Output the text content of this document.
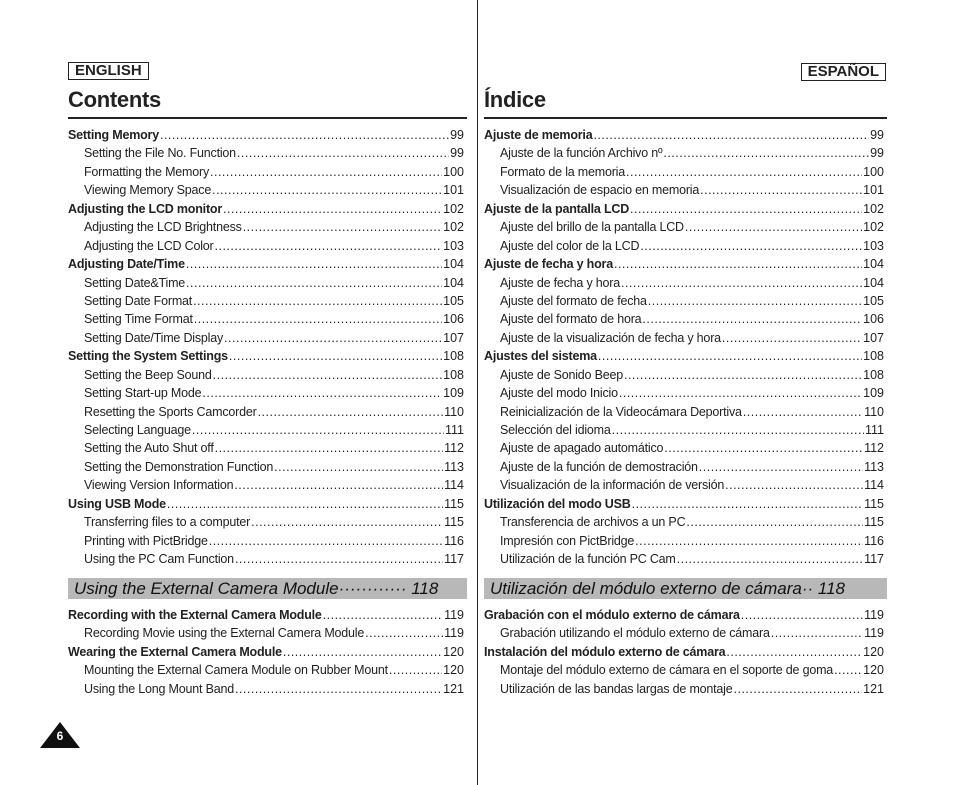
ENGLISH
Contents
Setting Memory .....	99
Setting the File No. Function .....	99
Formatting the Memory .....	100
Viewing Memory Space .....	101
Adjusting the LCD monitor .....	102
Adjusting the LCD Brightness .....	102
Adjusting the LCD Color .....	103
Adjusting Date/Time .....	104
Setting Date&Time .....	104
Setting Date Format .....	105
Setting Time Format .....	106
Setting Date/Time Display .....	107
Setting the System Settings .....	108
Setting the Beep Sound .....	108
Setting Start-up Mode .....	109
Resetting the Sports Camcorder .....	110
Selecting Language .....	111
Setting the Auto Shut off .....	112
Setting the Demonstration Function .....	113
Viewing Version Information .....	114
Using USB Mode .....	115
Transferring files to a computer .....	115
Printing with PictBridge .....	116
Using the PC Cam Function .....	117
Using the External Camera Module············ 118
Recording with the External Camera Module .....	119
Recording Movie using the External Camera Module .....	119
Wearing the External Camera Module .....	120
Mounting the External Camera Module on Rubber Mount .....	120
Using the Long Mount Band .....	121
ESPAÑOL
Índice
Ajuste de memoria .....	99
Ajuste de la función Archivo nº .....	99
Formato de la memoria .....	100
Visualización de espacio en memoria .....	101
Ajuste de la pantalla LCD .....	102
Ajuste del brillo de la pantalla LCD .....	102
Ajuste del color de la LCD .....	103
Ajuste de fecha y hora .....	104
Ajuste de fecha y hora .....	104
Ajuste del formato de fecha .....	105
Ajuste del formato de hora .....	106
Ajuste de la visualización de fecha y hora .....	107
Ajustes del sistema .....	108
Ajuste de Sonido Beep .....	108
Ajuste del modo Inicio .....	109
Reinicialización de la Videocámara Deportiva .....	110
Selección del idioma .....	111
Ajuste de apagado automático .....	112
Ajuste de la función de demostración .....	113
Visualización de la información de versión .....	114
Utilización del modo USB .....	115
Transferencia de archivos a un PC .....	115
Impresión con PictBridge .....	116
Utilización de la función PC Cam .....	117
Utilización del módulo externo de cámara·· 118
Grabación con el módulo externo de cámara .....	119
Grabación utilizando el módulo externo de cámara .....	119
Instalación del módulo externo de cámara .....	120
Montaje del módulo externo de cámara en el soporte de goma ..... 120
Utilización de las bandas largas de montaje .....	121
6
